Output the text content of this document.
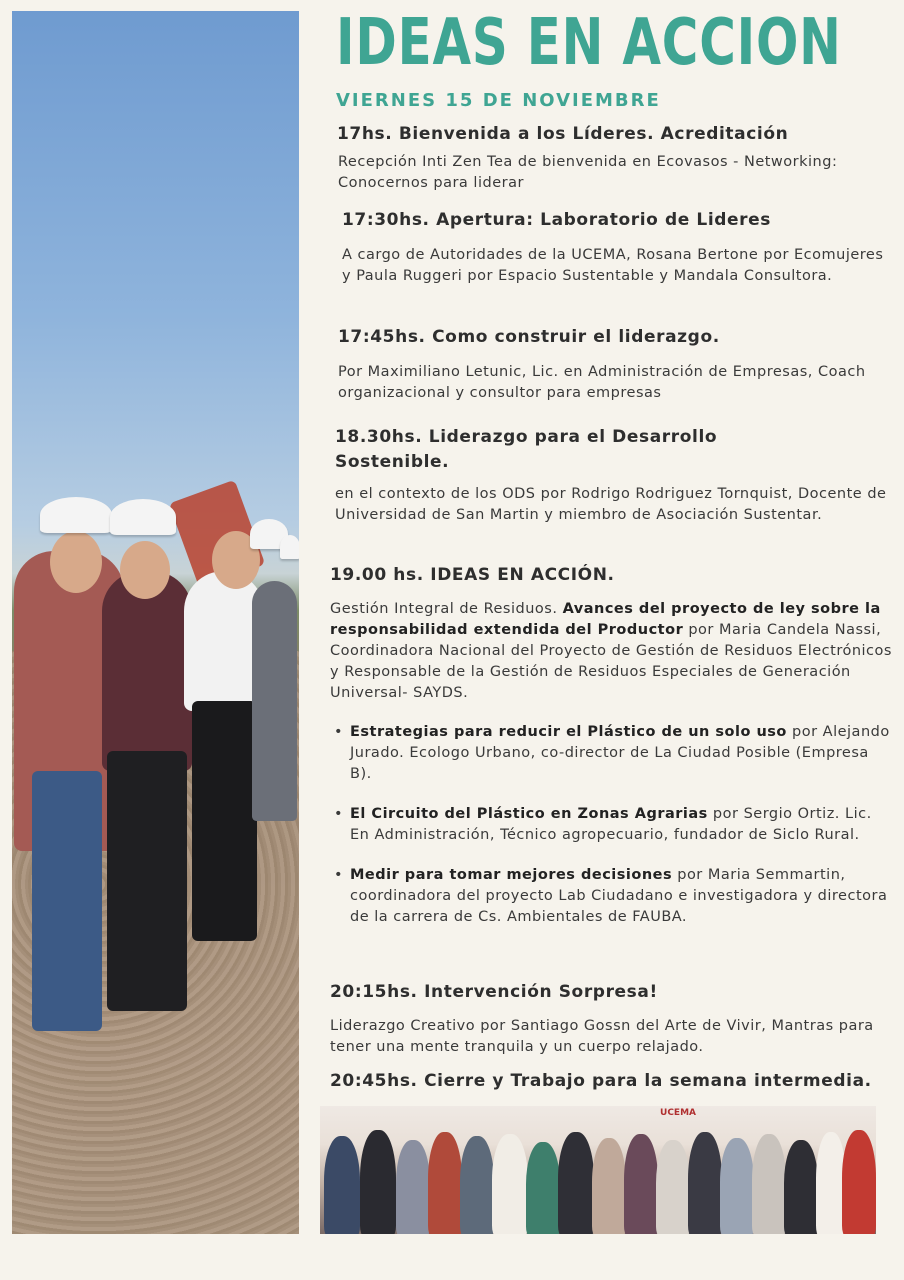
IDEAS EN ACCION
VIERNES 15 DE NOVIEMBRE
17hs. Bienvenida a los Líderes. Acreditación
Recepción Inti Zen Tea de bienvenida en Ecovasos - Networking: Conocernos para liderar
17:30hs. Apertura: Laboratorio de Lideres
A cargo de Autoridades de la UCEMA, Rosana Bertone por Ecomujeres y Paula Ruggeri por Espacio Sustentable y Mandala Consultora.
17:45hs. Como construir el liderazgo.
Por Maximiliano Letunic, Lic. en Administración de Empresas, Coach organizacional y consultor para empresas
18.30hs. Liderazgo para el Desarrollo Sostenible.
en el contexto de los ODS por Rodrigo Rodriguez Tornquist, Docente de Universidad de San Martin y miembro de Asociación Sustentar.
19.00 hs. IDEAS EN ACCIÓN.
Gestión Integral de Residuos. Avances del proyecto de ley sobre la responsabilidad extendida del Productor por Maria Candela Nassi, Coordinadora Nacional del Proyecto de Gestión de Residuos Electrónicos y Responsable de la Gestión de Residuos Especiales de Generación Universal- SAYDS.
• Estrategias para reducir el Plástico de un solo uso por Alejando Jurado. Ecologo Urbano, co-director de La Ciudad Posible (Empresa B).
• El Circuito del Plástico en Zonas Agrarias por Sergio Ortiz. Lic. En Administración, Técnico agropecuario, fundador de Siclo Rural.
• Medir para tomar mejores decisiones por Maria Semmartin, coordinadora del proyecto Lab Ciudadano e investigadora y directora de la carrera de Cs. Ambientales de FAUBA.
20:15hs. Intervención Sorpresa!
Liderazgo Creativo por Santiago Gossn del Arte de Vivir, Mantras para tener una mente tranquila y un cuerpo relajado.
20:45hs. Cierre y Trabajo para la semana intermedia.
UCEMA
